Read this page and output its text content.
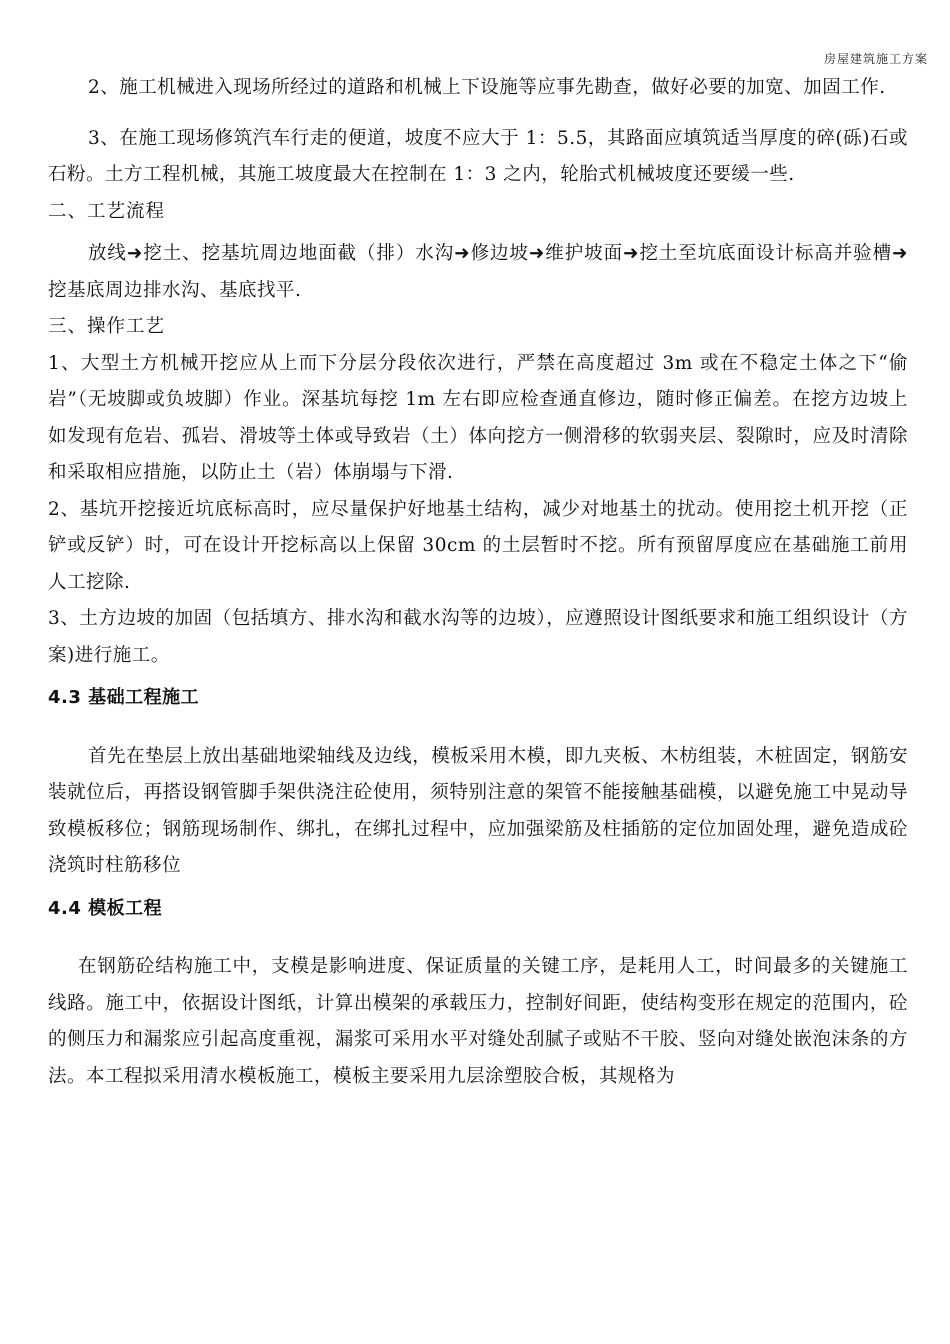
房屋建筑施工方案

2、施工机械进入现场所经过的道路和机械上下设施等应事先勘查，做好必要的加宽、加固工作.

3、在施工现场修筑汽车行走的便道，坡度不应大于 1：5.5，其路面应填筑适当厚度的碎(砾)石或石粉。土方工程机械，其施工坡度最大在控制在 1：3 之内，轮胎式机械坡度还要缓一些.

二、工艺流程

放线➜挖土、挖基坑周边地面截（排）水沟➜修边坡➜维护坡面➜挖土至坑底面设计标高并验槽➜挖基底周边排水沟、基底找平.

三、操作工艺

1、大型土方机械开挖应从上而下分层分段依次进行，严禁在高度超过 3m 或在不稳定土体之下“偷岩”（无坡脚或负坡脚）作业。深基坑每挖 1m 左右即应检查通直修边，随时修正偏差。在挖方边坡上如发现有危岩、孤岩、滑坡等土体或导致岩（土）体向挖方一侧滑移的软弱夹层、裂隙时，应及时清除和采取相应措施，以防止土（岩）体崩塌与下滑.

2、基坑开挖接近坑底标高时，应尽量保护好地基土结构，减少对地基土的扰动。使用挖土机开挖（正铲或反铲）时，可在设计开挖标高以上保留 30cm 的土层暂时不挖。所有预留厚度应在基础施工前用人工挖除.

3、土方边坡的加固（包括填方、排水沟和截水沟等的边坡），应遵照设计图纸要求和施工组织设计（方案)进行施工。

4.3 基础工程施工

首先在垫层上放出基础地梁轴线及边线，模板采用木模，即九夹板、木枋组装，木桩固定，钢筋安装就位后，再搭设钢管脚手架供浇注砼使用，须特别注意的架管不能接触基础模，以避免施工中晃动导致模板移位；钢筋现场制作、绑扎，在绑扎过程中，应加强梁筋及柱插筋的定位加固处理，避免造成砼浇筑时柱筋移位

4.4 模板工程

在钢筋砼结构施工中，支模是影响进度、保证质量的关键工序，是耗用人工，时间最多的关键施工线路。施工中，依据设计图纸，计算出模架的承载压力，控制好间距，使结构变形在规定的范围内，砼的侧压力和漏浆应引起高度重视，漏浆可采用水平对缝处刮腻子或贴不干胶、竖向对缝处嵌泡沫条的方法。本工程拟采用清水模板施工，模板主要采用九层涂塑胶合板，其规格为
